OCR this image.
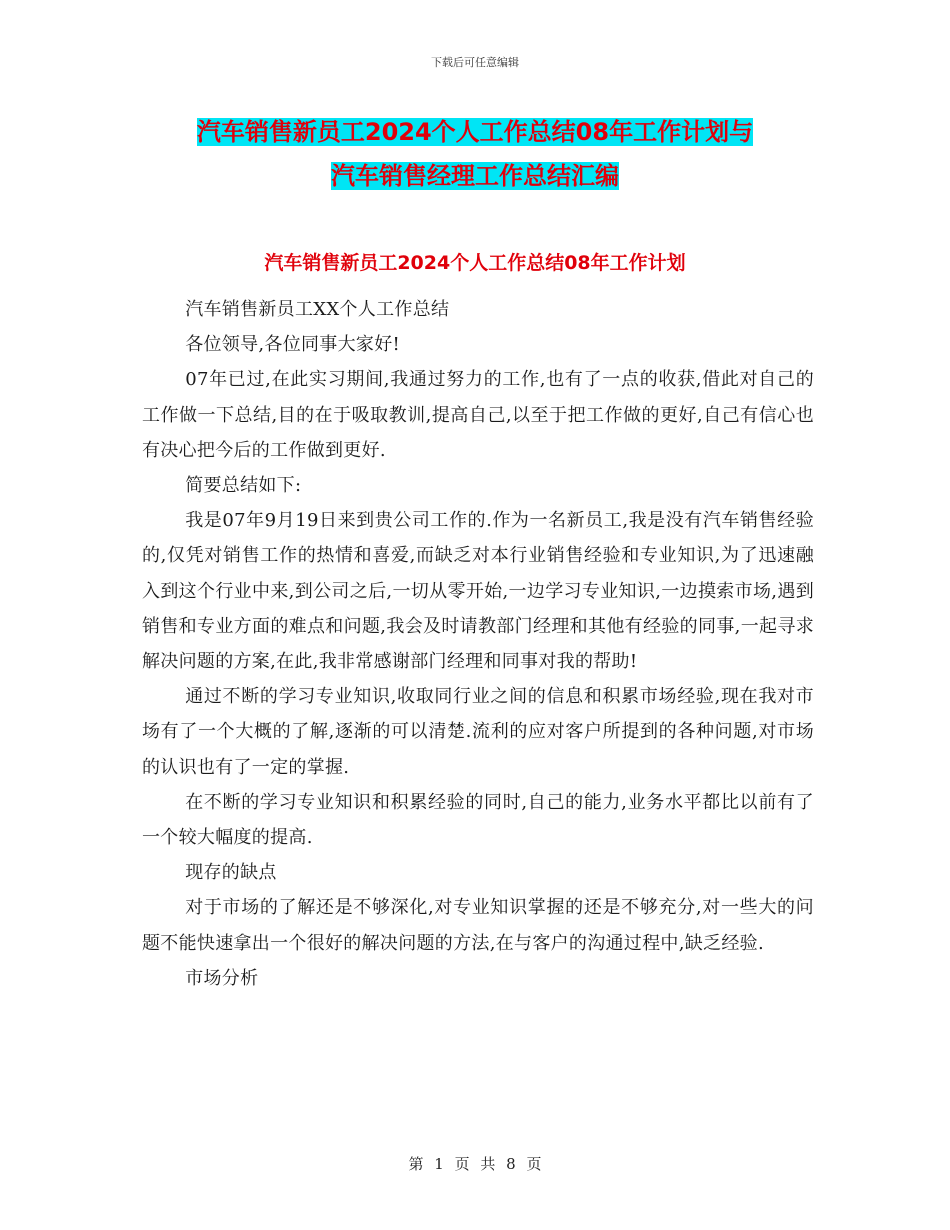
下载后可任意编辑
汽车销售新员工2024个人工作总结08年工作计划与
汽车销售经理工作总结汇编
汽车销售新员工2024个人工作总结08年工作计划

汽车销售新员工XX个人工作总结

各位领导,各位同事大家好!

07年已过,在此实习期间,我通过努力的工作,也有了一点的收获,借此对自己的工作做一下总结,目的在于吸取教训,提高自己,以至于把工作做的更好,自己有信心也有决心把今后的工作做到更好.

简要总结如下:

我是07年9月19日来到贵公司工作的.作为一名新员工,我是没有汽车销售经验的,仅凭对销售工作的热情和喜爱,而缺乏对本行业销售经验和专业知识,为了迅速融入到这个行业中来,到公司之后,一切从零开始,一边学习专业知识,一边摸索市场,遇到销售和专业方面的难点和问题,我会及时请教部门经理和其他有经验的同事,一起寻求解决问题的方案,在此,我非常感谢部门经理和同事对我的帮助!

通过不断的学习专业知识,收取同行业之间的信息和积累市场经验,现在我对市场有了一个大概的了解,逐渐的可以清楚.流利的应对客户所提到的各种问题,对市场的认识也有了一定的掌握.

在不断的学习专业知识和积累经验的同时,自己的能力,业务水平都比以前有了一个较大幅度的提高.

现存的缺点

对于市场的了解还是不够深化,对专业知识掌握的还是不够充分,对一些大的问题不能快速拿出一个很好的解决问题的方法,在与客户的沟通过程中,缺乏经验.

市场分析

第 1 页 共 8 页
